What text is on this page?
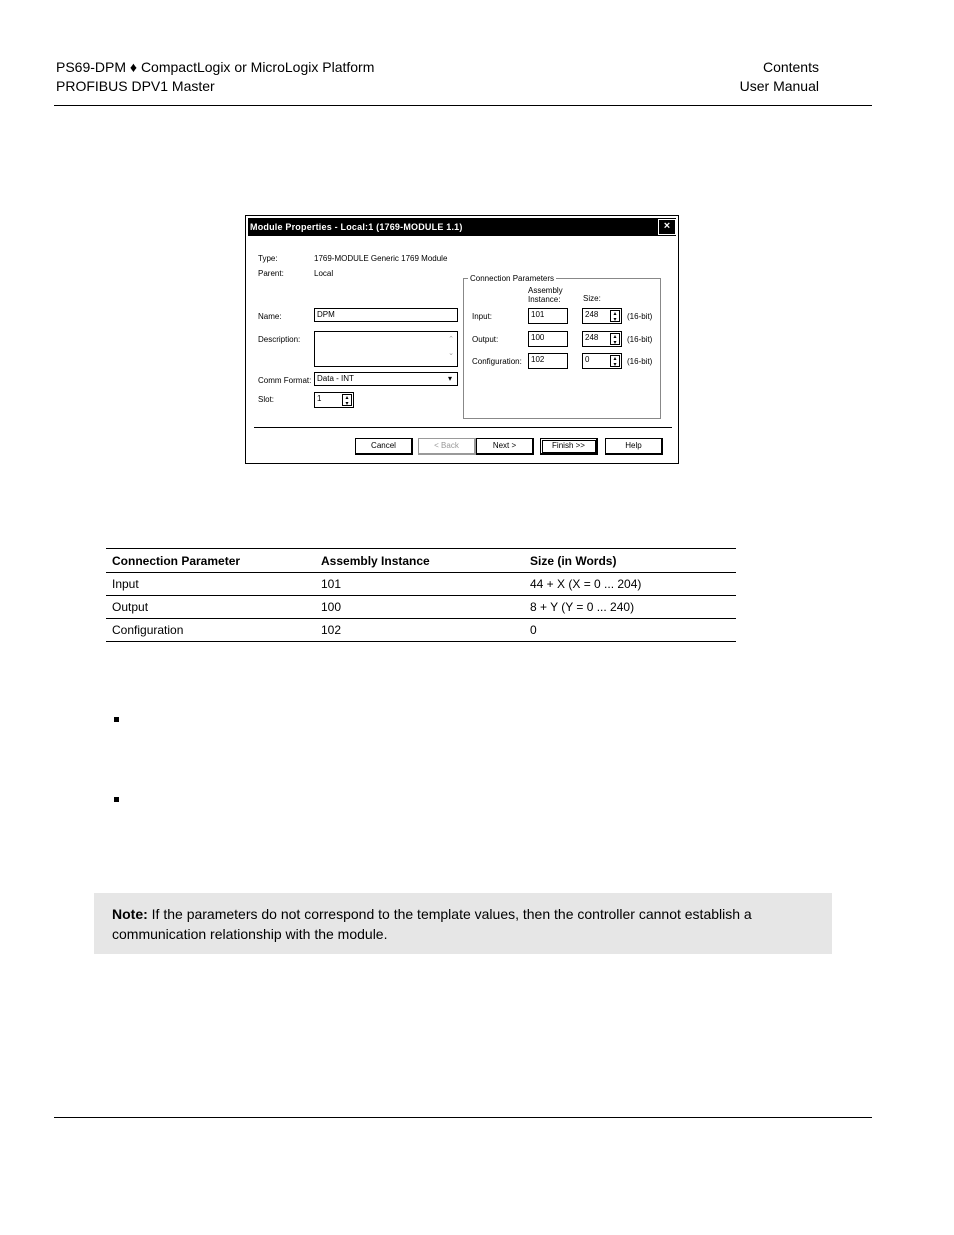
PS69-DPM ♦ CompactLogix or MicroLogix Platform
PROFIBUS DPV1 Master
Contents
User Manual
Module Properties - Local:1 (1769-MODULE 1.1)	×
Type:	1769-MODULE Generic 1769 Module
Parent:	Local
Name:	DPM
Description:	⌃
⌄
Comm Format: Data - INT	▾
Slot:	1	▴
▾
Connection Parameters
Assembly
Instance:	Size:
Input:	101	248	▴
▾	(16-bit)
Output:	100	248	▴
▾	(16-bit)
Configuration:	102	0	▴
▾	(16-bit)
Cancel	< Back	Next >	Finish >>	Help
Connection Parameter	Assembly Instance	Size (in Words)
Input	101	44 + X (X = 0 ... 204)
Output	100	8 + Y (Y = 0 ... 240)
Configuration	102	0
Note: If the parameters do not correspond to the template values, then the controller cannot establish a communication relationship with the module.
